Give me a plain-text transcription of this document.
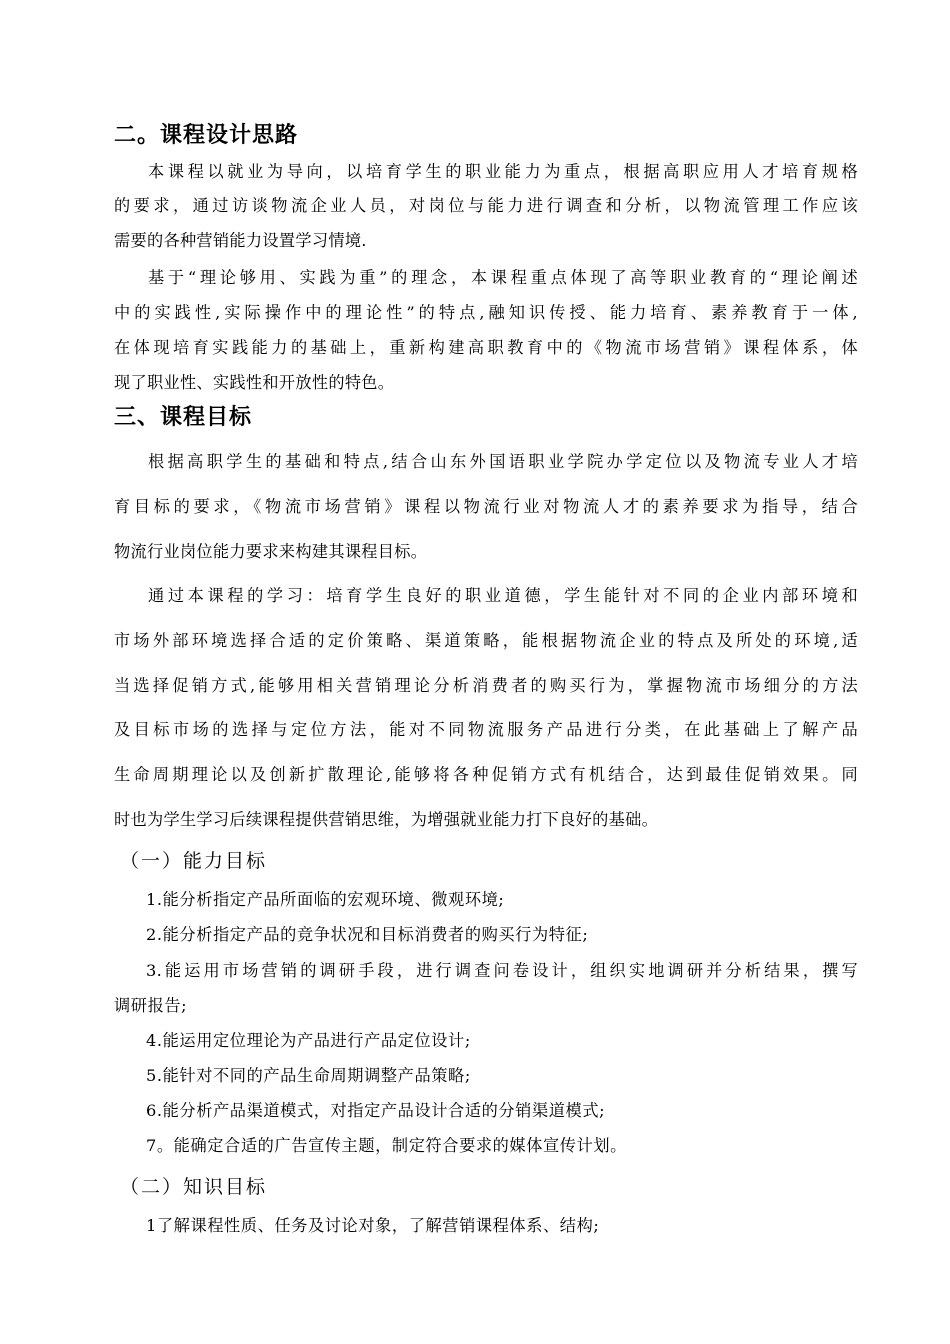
二。课程设计思路
本课程以就业为导向，以培育学生的职业能力为重点，根据高职应用人才培育规格
的要求，通过访谈物流企业人员，对岗位与能力进行调查和分析，以物流管理工作应该
需要的各种营销能力设置学习情境.
基于“理论够用、实践为重”的理念，本课程重点体现了高等职业教育的“理论阐述
中的实践性,实际操作中的理论性”的特点,融知识传授、能力培育、素养教育于一体,
在体现培育实践能力的基础上，重新构建高职教育中的《物流市场营销》课程体系，体
现了职业性、实践性和开放性的特色。
三、课程目标
根据高职学生的基础和特点,结合山东外国语职业学院办学定位以及物流专业人才培
育目标的要求，《物流市场营销》课程以物流行业对物流人才的素养要求为指导，结合
物流行业岗位能力要求来构建其课程目标。
通过本课程的学习：培育学生良好的职业道德，学生能针对不同的企业内部环境和
市场外部环境选择合适的定价策略、渠道策略，能根据物流企业的特点及所处的环境,适
当选择促销方式,能够用相关营销理论分析消费者的购买行为，掌握物流市场细分的方法
及目标市场的选择与定位方法，能对不同物流服务产品进行分类，在此基础上了解产品
生命周期理论以及创新扩散理论,能够将各种促销方式有机结合，达到最佳促销效果。同
时也为学生学习后续课程提供营销思维，为增强就业能力打下良好的基础。
（一）能力目标
1.能分析指定产品所面临的宏观环境、微观环境;
2.能分析指定产品的竞争状况和目标消费者的购买行为特征;
3.能运用市场营销的调研手段，进行调查问卷设计，组织实地调研并分析结果，撰写
调研报告;
4.能运用定位理论为产品进行产品定位设计;
5.能针对不同的产品生命周期调整产品策略;
6.能分析产品渠道模式，对指定产品设计合适的分销渠道模式;
7。能确定合适的广告宣传主题，制定符合要求的媒体宣传计划。
（二）知识目标
1了解课程性质、任务及讨论对象，了解营销课程体系、结构;
